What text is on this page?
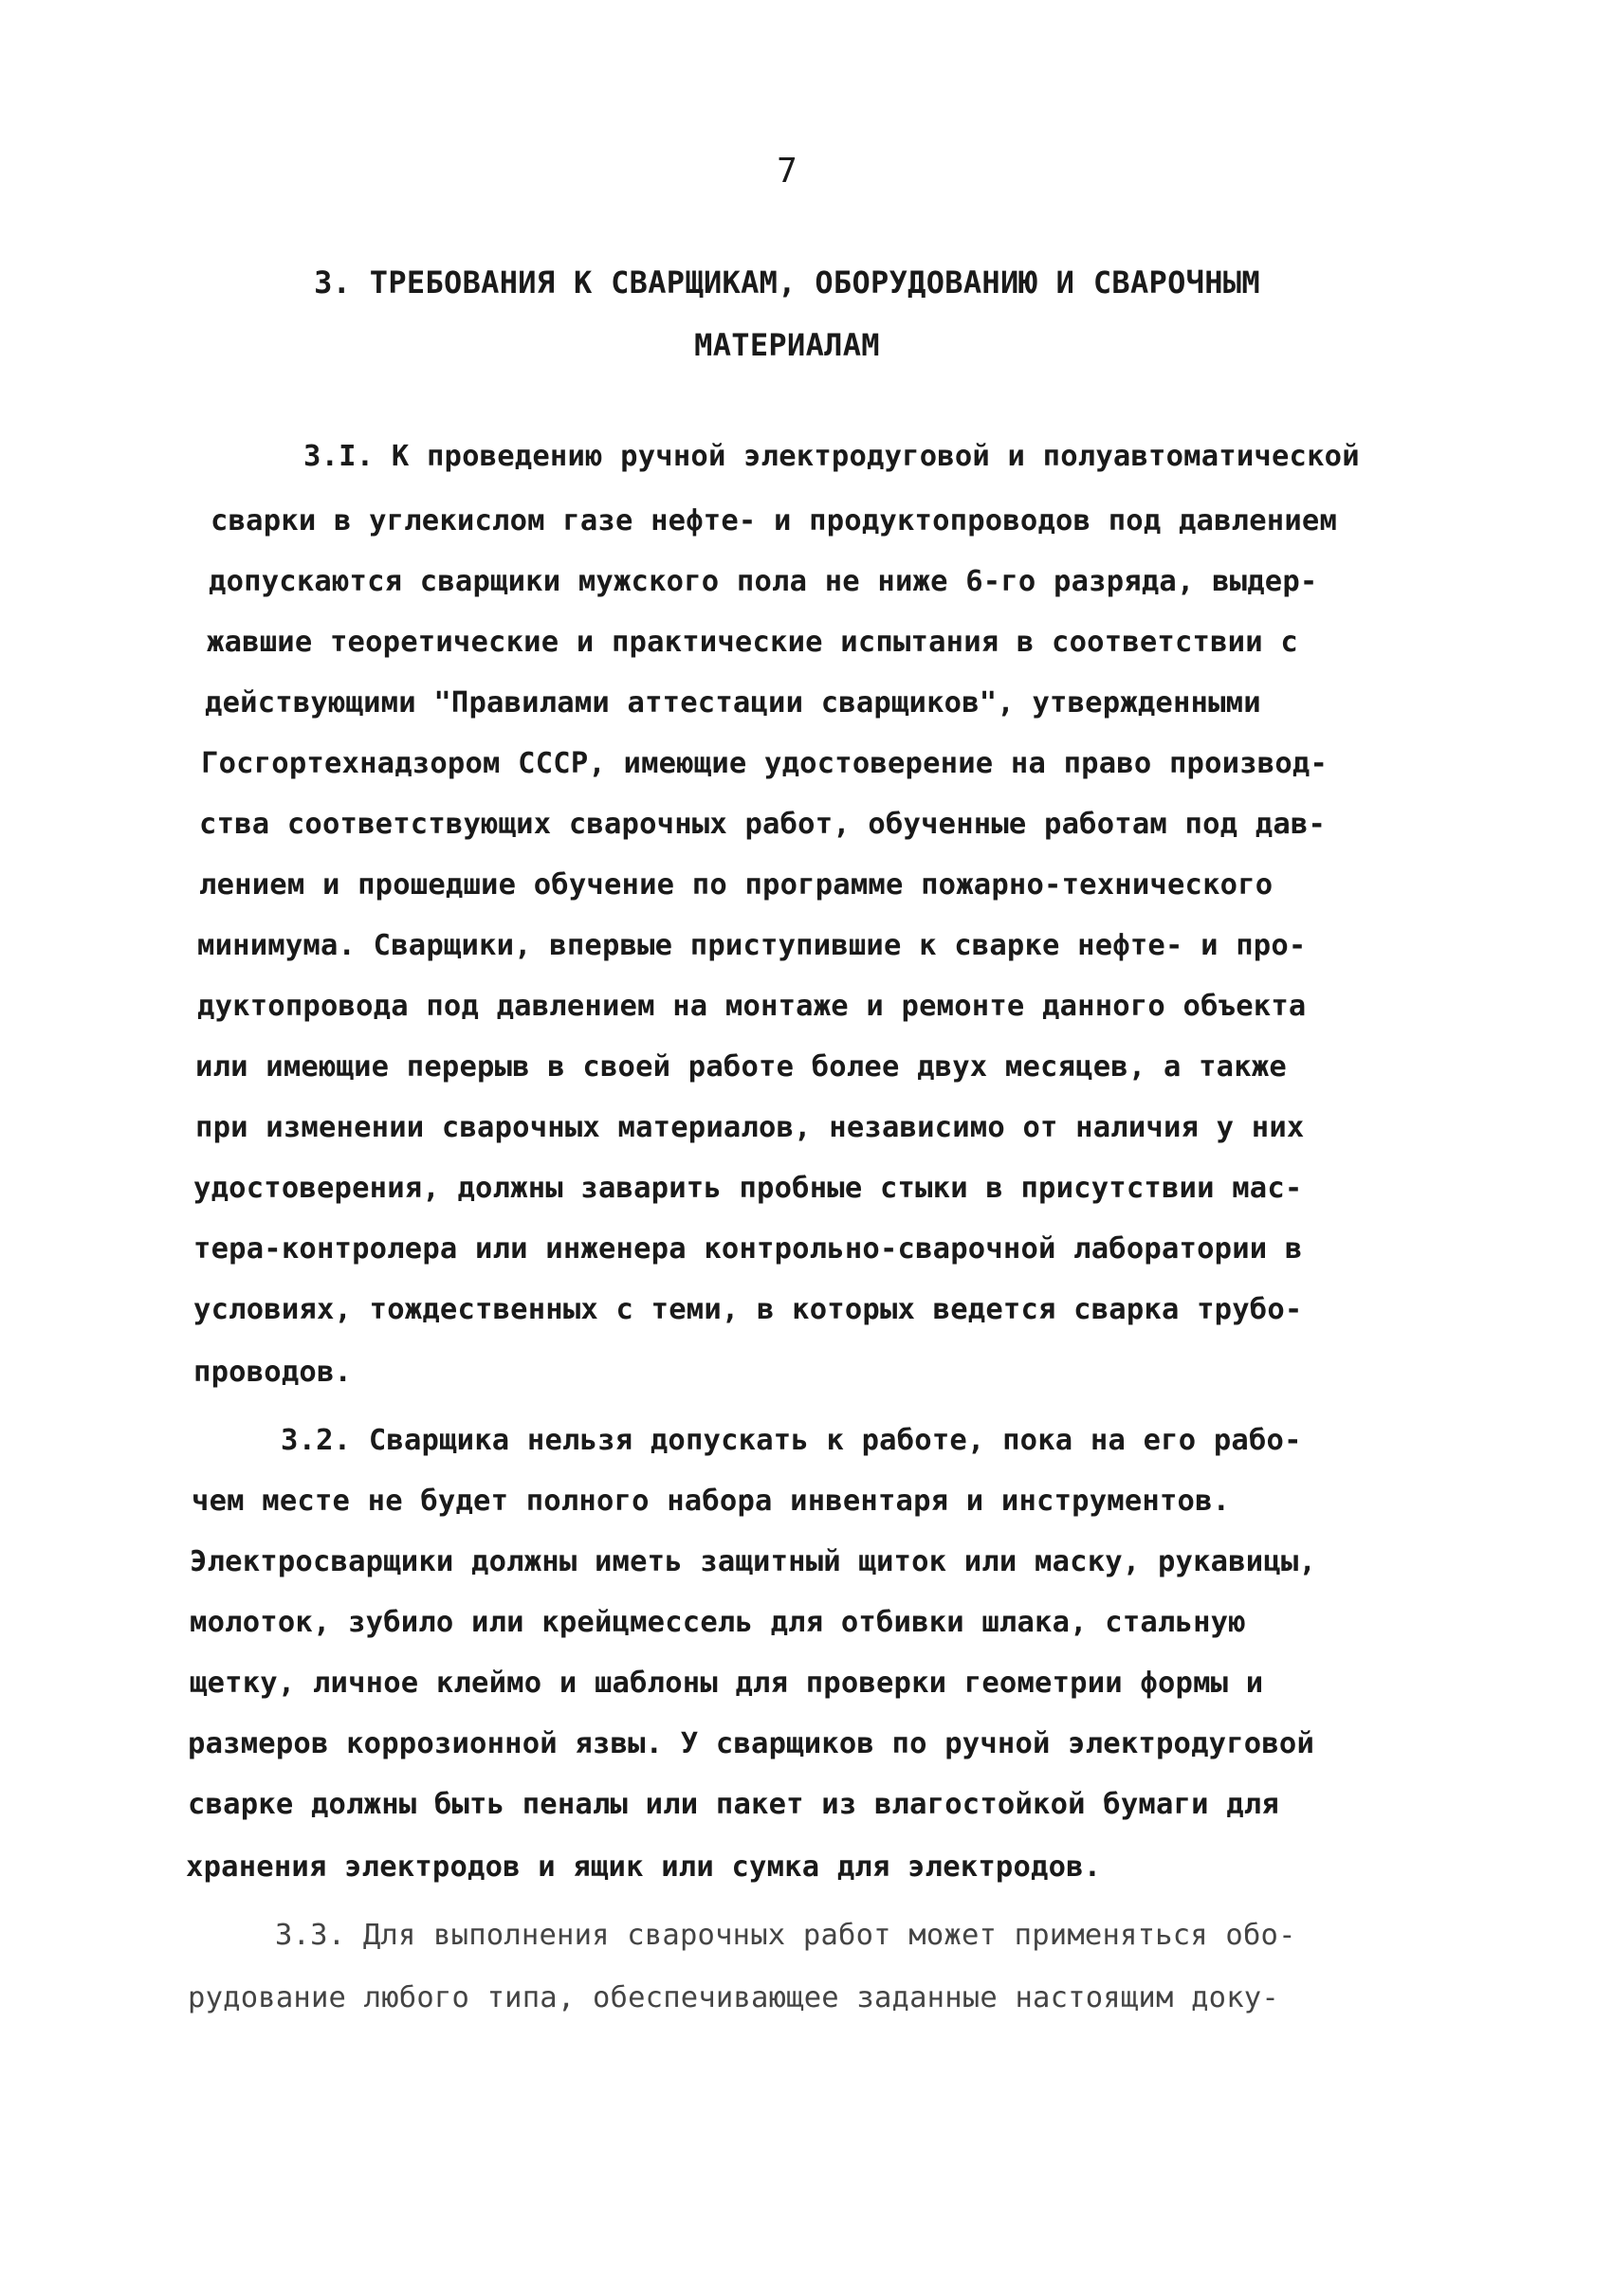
7
3. ТРЕБОВАНИЯ К СВАРЩИКАМ, ОБОРУДОВАНИЮ И СВАРОЧНЫМ
МАТЕРИАЛАМ
3.I. К проведению ручной электродуговой и полуавтоматической
сварки в углекислом газе нефте- и продуктопроводов под давлением
допускаются сварщики мужского пола не ниже 6-го разряда, выдер-
жавшие теоретические и практические испытания в соответствии с
действующими "Правилами аттестации сварщиков", утвержденными
Госгортехнадзором СССР, имеющие удостоверение на право производ-
ства соответствующих сварочных работ, обученные работам под дав-
лением и прошедшие обучение по программе пожарно-технического
минимума. Сварщики, впервые приступившие к сварке нефте- и про-
дуктопровода под давлением на монтаже и ремонте данного объекта
или имеющие перерыв в своей работе более двух месяцев, а также
при изменении сварочных материалов, независимо от наличия у них
удостоверения, должны заварить пробные стыки в присутствии мас-
тера-контролера или инженера контрольно-сварочной лаборатории в
условиях, тождественных с теми, в которых ведется сварка трубо-
проводов.
3.2. Сварщика нельзя допускать к работе, пока на его рабо-
чем месте не будет полного набора инвентаря и инструментов.
Электросварщики должны иметь защитный щиток или маску, рукавицы,
молоток, зубило или крейцмессель для отбивки шлака, стальную
щетку, личное клеймо и шаблоны для проверки геометрии формы и
размеров коррозионной язвы. У сварщиков по ручной электродуговой
сварке должны быть пеналы или пакет из влагостойкой бумаги для
хранения электродов и ящик или сумка для электродов.
3.3. Для выполнения сварочных работ может применяться обо-
рудование любого типа, обеспечивающее заданные настоящим доку-
